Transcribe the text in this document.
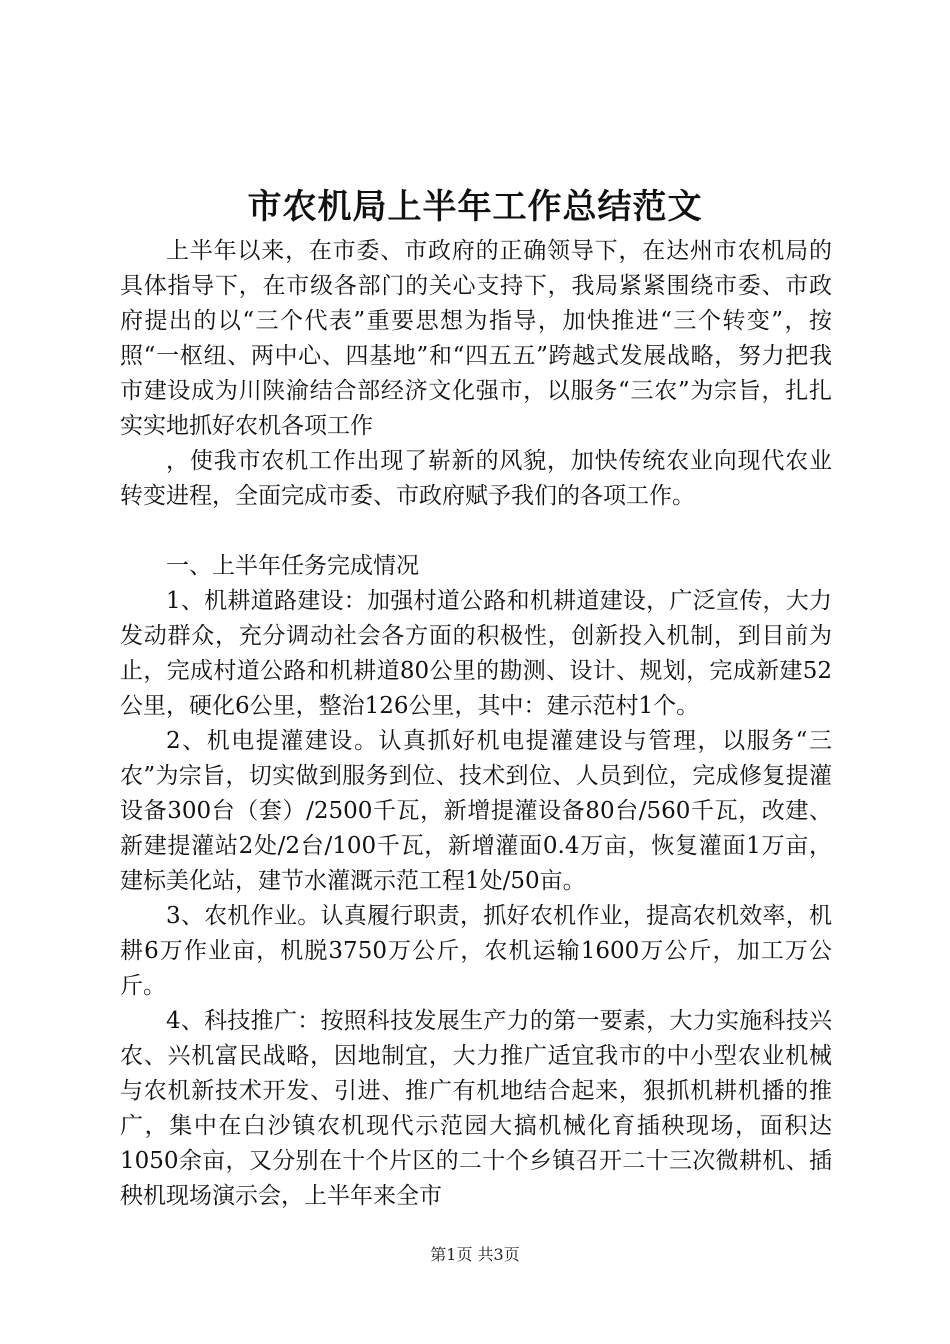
市农机局上半年工作总结范文

上半年以来，在市委、市政府的正确领导下，在达州市农机局的具体指导下，在市级各部门的关心支持下，我局紧紧围绕市委、市政府提出的以“三个代表”重要思想为指导，加快推进“三个转变”，按照“一枢纽、两中心、四基地”和“四五五”跨越式发展战略，努力把我市建设成为川陕渝结合部经济文化强市，以服务“三农”为宗旨，扎扎实实地抓好农机各项工作

，使我市农机工作出现了崭新的风貌，加快传统农业向现代农业转变进程，全面完成市委、市政府赋予我们的各项工作。

一、上半年任务完成情况

1、机耕道路建设：加强村道公路和机耕道建设，广泛宣传，大力发动群众，充分调动社会各方面的积极性，创新投入机制，到目前为止，完成村道公路和机耕道80公里的勘测、设计、规划，完成新建52公里，硬化6公里，整治126公里，其中：建示范村1个。

2、机电提灌建设。认真抓好机电提灌建设与管理，以服务“三农”为宗旨，切实做到服务到位、技术到位、人员到位，完成修复提灌设备300台（套）/2500千瓦，新增提灌设备80台/560千瓦，改建、新建提灌站2处/2台/100千瓦，新增灌面0.4万亩，恢复灌面1万亩，建标美化站，建节水灌溉示范工程1处/50亩。

3、农机作业。认真履行职责，抓好农机作业，提高农机效率，机耕6万作业亩，机脱3750万公斤，农机运输1600万公斤，加工万公斤。

4、科技推广：按照科技发展生产力的第一要素，大力实施科技兴农、兴机富民战略，因地制宜，大力推广适宜我市的中小型农业机械与农机新技术开发、引进、推广有机地结合起来，狠抓机耕机播的推广，集中在白沙镇农机现代示范园大搞机械化育插秧现场，面积达1050余亩，又分别在十个片区的二十个乡镇召开二十三次微耕机、插秧机现场演示会，上半年来全市

第1页 共3页
